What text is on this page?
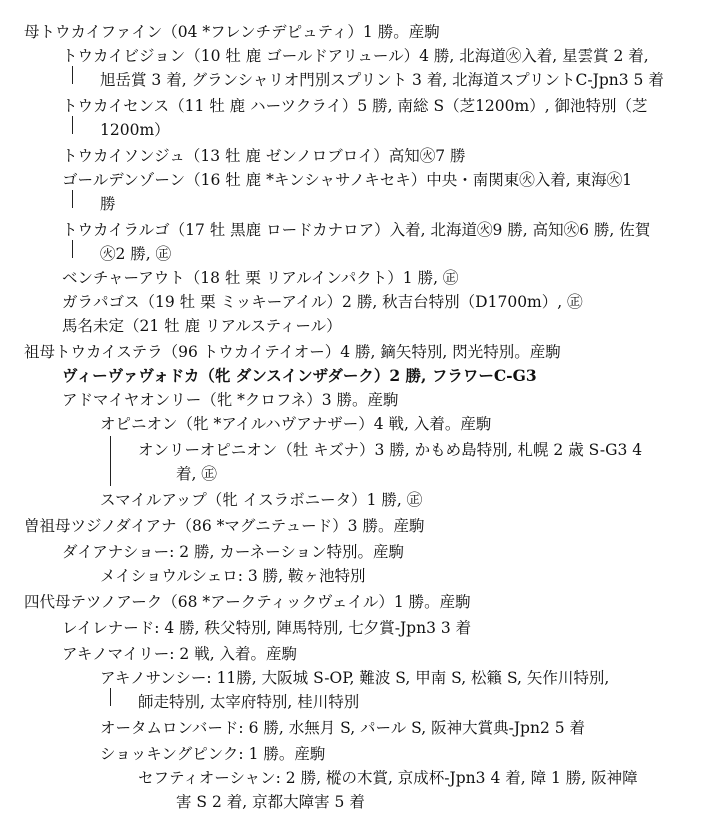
母トウカイファイン（04 *フレンチデピュティ）1 勝。産駒
トウカイビジョン（10 牡 鹿 ゴールドアリュール）4 勝, 北海道㊋入着, 星雲賞 2 着,
旭岳賞 3 着, グランシャリオ門別スプリント 3 着, 北海道スプリントC-Jpn3 5 着
トウカイセンス（11 牡 鹿 ハーツクライ）5 勝, 南総 S（芝1200m）, 御池特別（芝
1200m）
トウカイソンジュ（13 牡 鹿 ゼンノロブロイ）高知㊋7 勝
ゴールデンゾーン（16 牡 鹿 *キンシャサノキセキ）中央・南関東㊋入着, 東海㊋1
勝
トウカイラルゴ（17 牡 黒鹿 ロードカナロア）入着, 北海道㊋9 勝, 高知㊋6 勝, 佐賀
㊋2 勝, ㊣
ベンチャーアウト（18 牡 栗 リアルインパクト）1 勝, ㊣
ガラパゴス（19 牡 栗 ミッキーアイル）2 勝, 秋吉台特別（D1700m）, ㊣
馬名未定（21 牡 鹿 リアルスティール）
祖母トウカイステラ（96 トウカイテイオー）4 勝, 鏑矢特別, 閃光特別。産駒
ヴィーヴァヴォドカ（牝 ダンスインザダーク）2 勝, フラワーC-G3
アドマイヤオンリー（牝 *クロフネ）3 勝。産駒
オピニオン（牝 *アイルハヴアナザー）4 戦, 入着。産駒
オンリーオピニオン（牡 キズナ）3 勝, かもめ島特別, 札幌 2 歳 S-G3 4
着, ㊣
スマイルアップ（牝 イスラボニータ）1 勝, ㊣
曽祖母ツジノダイアナ（86 *マグニテュード）3 勝。産駒
ダイアナショー: 2 勝, カーネーション特別。産駒
メイショウルシェロ: 3 勝, 鞍ヶ池特別
四代母テツノアーク（68 *アークティックヴェイル）1 勝。産駒
レイレナード: 4 勝, 秩父特別, 陣馬特別, 七夕賞-Jpn3 3 着
アキノマイリー: 2 戦, 入着。産駒
アキノサンシー: 11勝, 大阪城 S-OP, 難波 S, 甲南 S, 松籟 S, 矢作川特別,
師走特別, 太宰府特別, 桂川特別
オータムロンバード: 6 勝, 水無月 S, パール S, 阪神大賞典-Jpn2 5 着
ショッキングピンク: 1 勝。産駒
セフティオーシャン: 2 勝, 樅の木賞, 京成杯-Jpn3 4 着, 障 1 勝, 阪神障
害 S 2 着, 京都大障害 5 着
